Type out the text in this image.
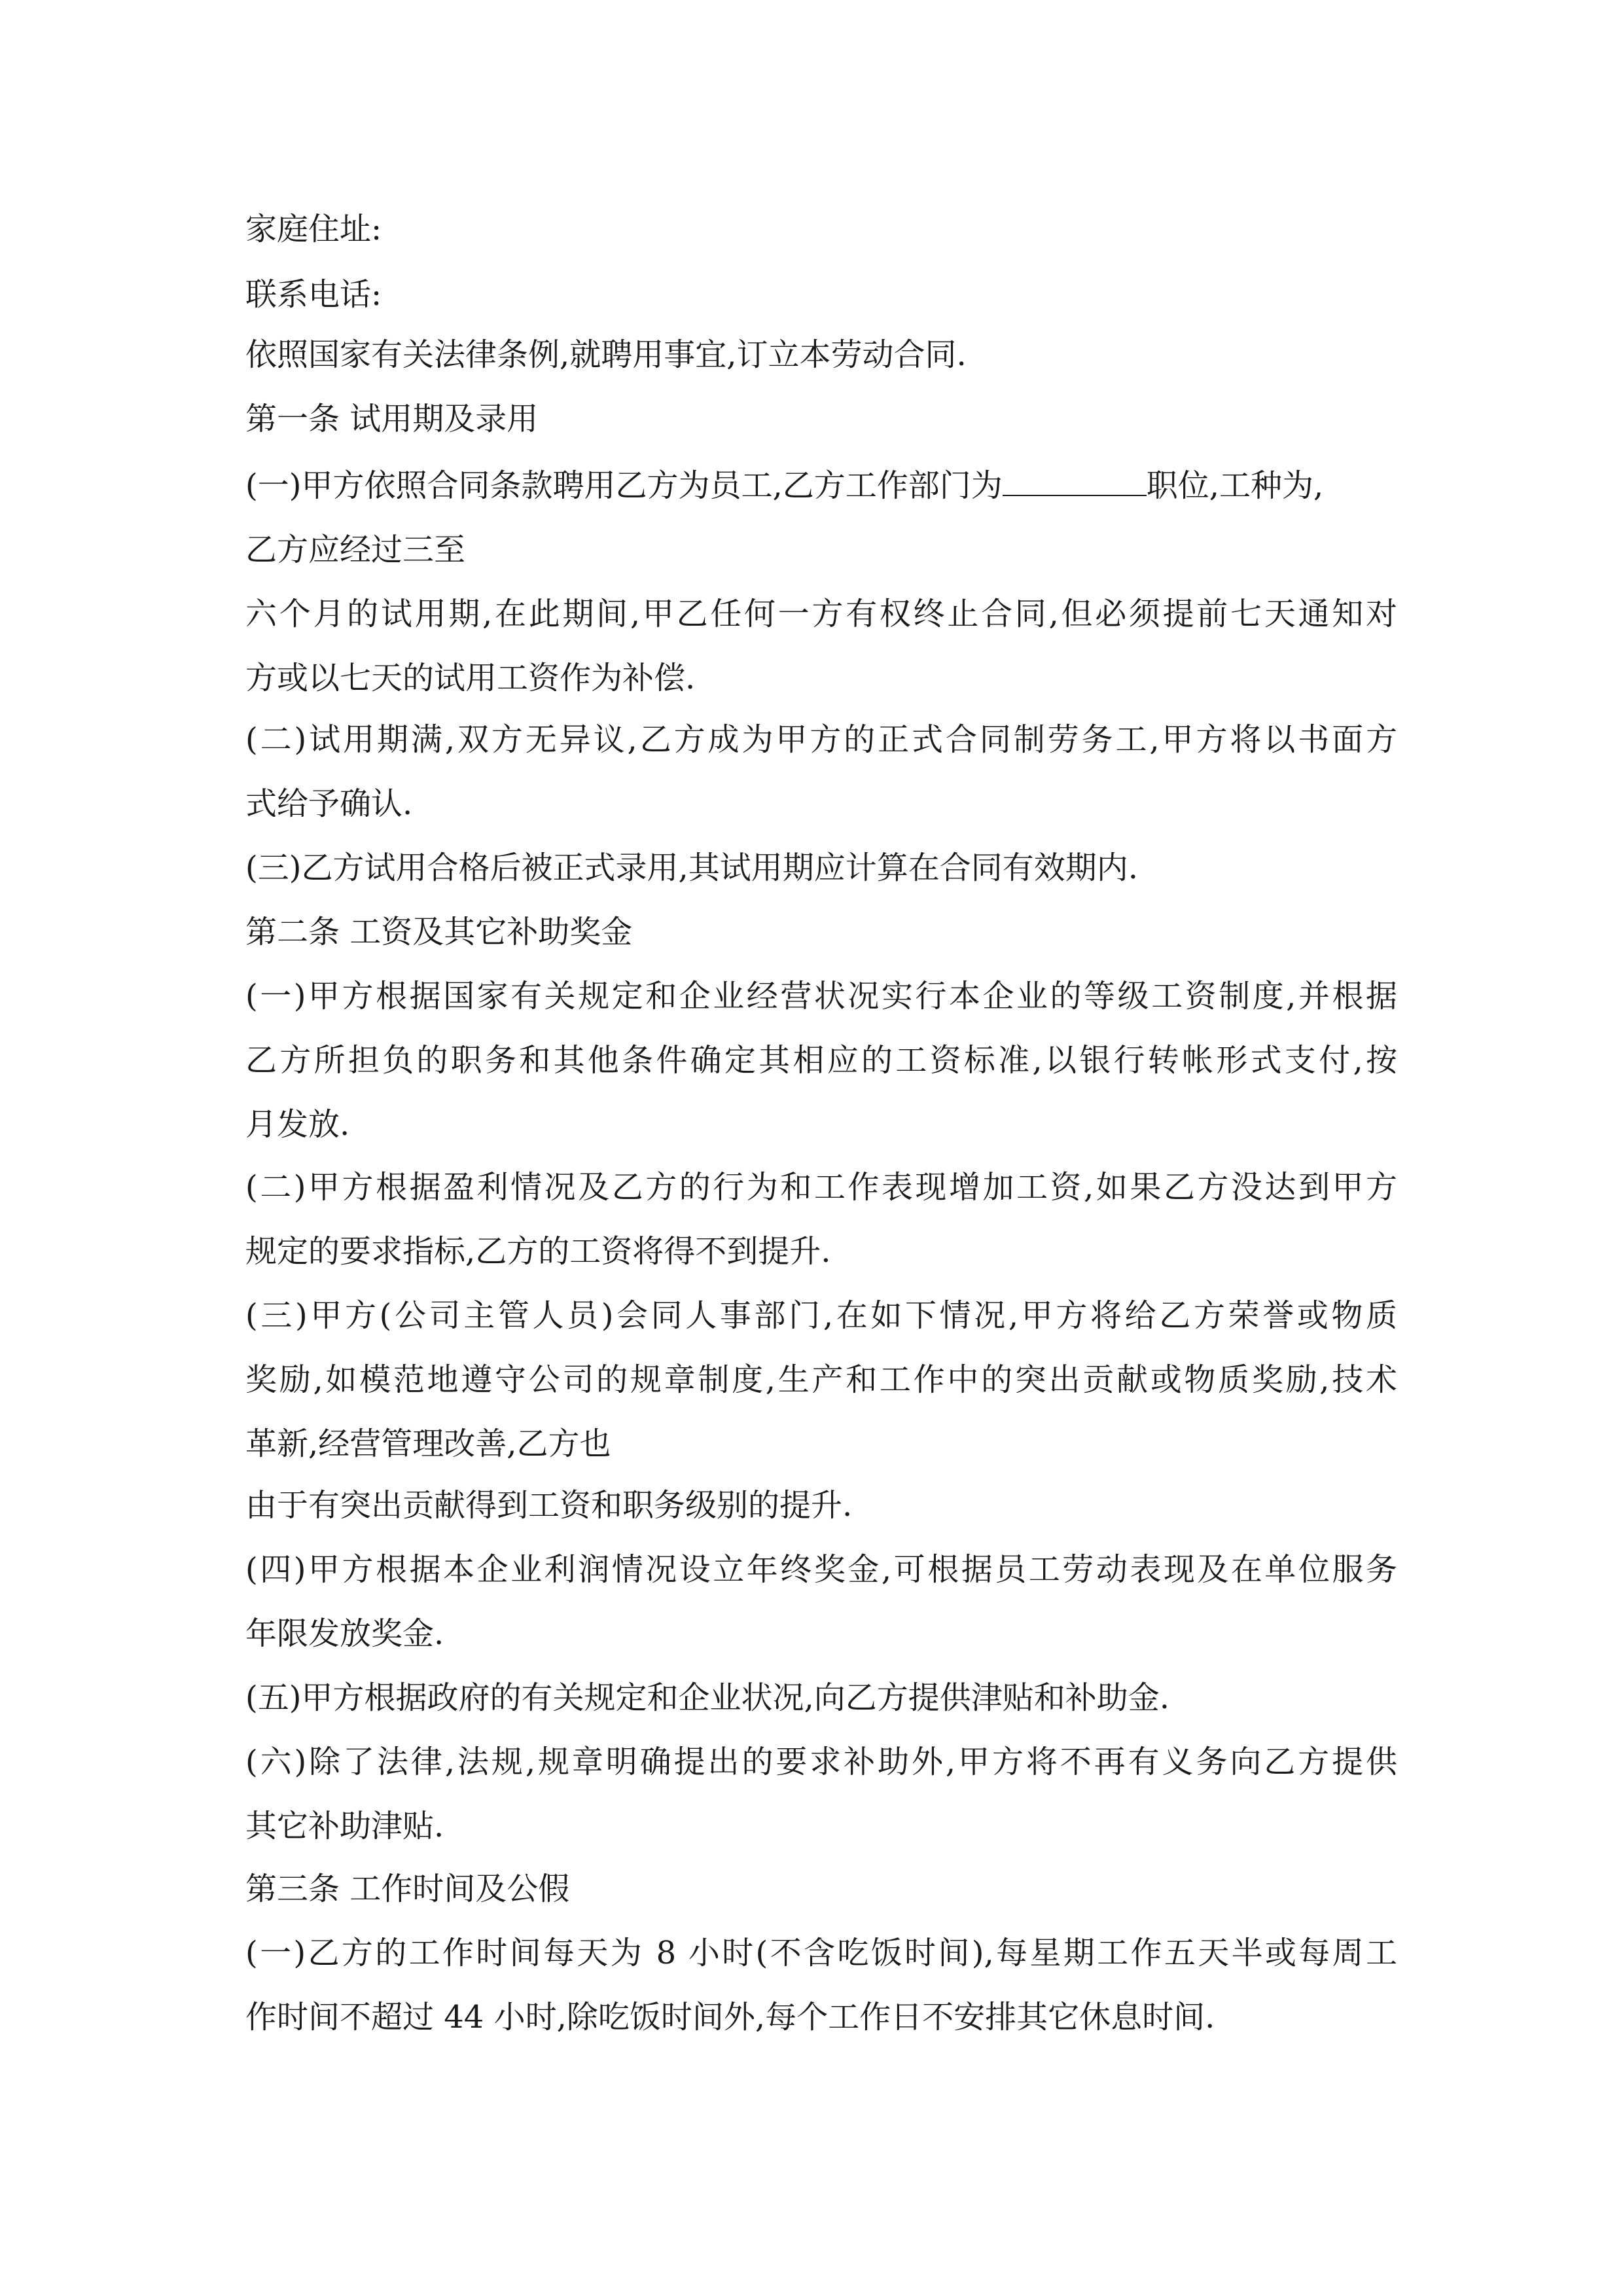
家庭住址:

联系电话:

依照国家有关法律条例,就聘用事宜,订立本劳动合同.

第一条 试用期及录用

(一)甲方依照合同条款聘用乙方为员工,乙方工作部门为	职位,工种为,

乙方应经过三至

六个月的试用期,在此期间,甲乙任何一方有权终止合同,但必须提前七天通知对

方或以七天的试用工资作为补偿.

(二)试用期满,双方无异议,乙方成为甲方的正式合同制劳务工,甲方将以书面方

式给予确认.

(三)乙方试用合格后被正式录用,其试用期应计算在合同有效期内.

第二条 工资及其它补助奖金

(一)甲方根据国家有关规定和企业经营状况实行本企业的等级工资制度,并根据

乙方所担负的职务和其他条件确定其相应的工资标准,以银行转帐形式支付,按

月发放.

(二)甲方根据盈利情况及乙方的行为和工作表现增加工资,如果乙方没达到甲方

规定的要求指标,乙方的工资将得不到提升.

(三)甲方(公司主管人员)会同人事部门,在如下情况,甲方将给乙方荣誉或物质

奖励,如模范地遵守公司的规章制度,生产和工作中的突出贡献或物质奖励,技术

革新,经营管理改善,乙方也

由于有突出贡献得到工资和职务级别的提升.

(四)甲方根据本企业利润情况设立年终奖金,可根据员工劳动表现及在单位服务

年限发放奖金.

(五)甲方根据政府的有关规定和企业状况,向乙方提供津贴和补助金.

(六)除了法律,法规,规章明确提出的要求补助外,甲方将不再有义务向乙方提供

其它补助津贴.

第三条 工作时间及公假

(一)乙方的工作时间每天为 8 小时(不含吃饭时间),每星期工作五天半或每周工

作时间不超过 44 小时,除吃饭时间外,每个工作日不安排其它休息时间.
